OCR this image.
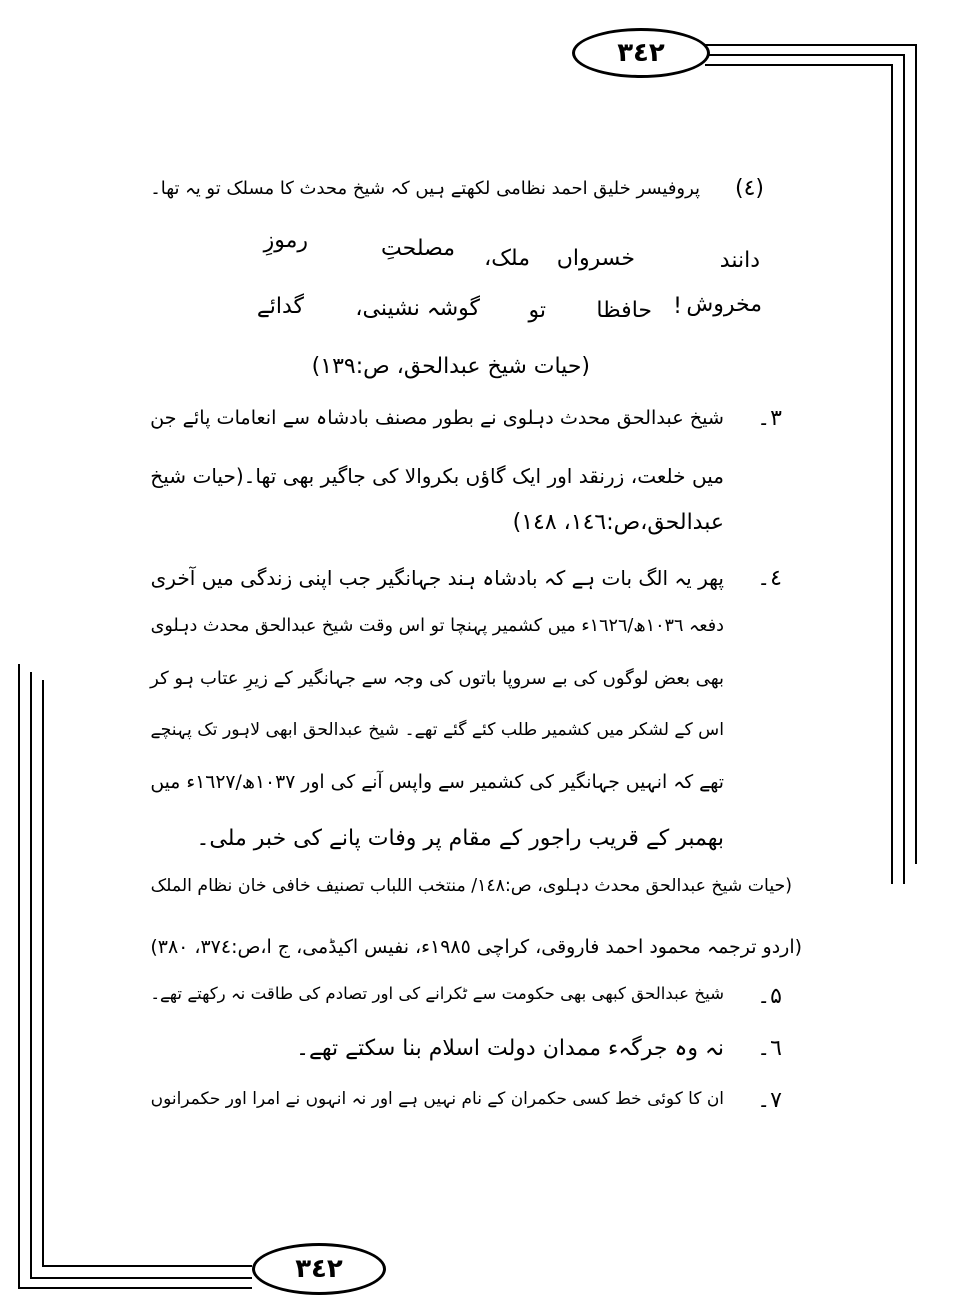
٣٤٢
٣٤٢
(٤)
پروفیسر خلیق احمد نظامی لکھتے ہیں کہ شیخ محدث کا مسلک تو یہ تھا۔
رموزِ	مصلحتِ ملک، خسرواں	دانند
گدائے گوشہ نشینی، تو حافظا ! مخروش
(حیات شیخ عبدالحق، ص:١٣٩)
٣۔
شیخ عبدالحق محدث دہلوی نے بطور مصنف بادشاہ سے انعامات پائے جن
میں خلعت، زرنقد اور ایک گاؤں بکروالا کی جاگیر بھی تھا۔(حیات شیخ
عبدالحق،ص:١٤٦، ١٤٨)
٤۔
پھر یہ الگ بات ہے کہ بادشاہ ہند جہانگیر جب اپنی زندگی میں آخری
دفعہ ١٠٣٦ھ/١٦٢٦ء میں کشمیر پہنچا تو اس وقت شیخ عبدالحق محدث دہلوی
بھی بعض لوگوں کی بے سروپا باتوں کی وجہ سے جہانگیر کے زیرِ عتاب ہو کر
اس کے لشکر میں کشمیر طلب کئے گئے تھے۔ شیخ عبدالحق ابھی لاہور تک پہنچے
تھے کہ انہیں جہانگیر کی کشمیر سے واپس آنے کی اور ١٠٣٧ھ/١٦٢٧ء میں
بھمبر کے قریب راجور کے مقام پر وفات پانے کی خبر ملی۔
(حیات شیخ عبدالحق محدث دہلوی، ص:١٤٨/ منتخب اللباب تصنیف خافی خان نظام الملک
(اردو ترجمہ محمود احمد فاروقی، کراچی ١٩٨٥ء، نفیس اکیڈمی، ج ا،ص:٣٧٤، ٣٨٠)
۵۔
شیخ عبدالحق کبھی بھی حکومت سے ٹکرانے کی اور تصادم کی طاقت نہ رکھتے تھے۔
٦۔
نہ وہ جرگہء ممدان دولت اسلام بنا سکتے تھے۔
٧۔
ان کا کوئی خط کسی حکمران کے نام نہیں ہے اور نہ انہوں نے امرا اور حکمرانوں
